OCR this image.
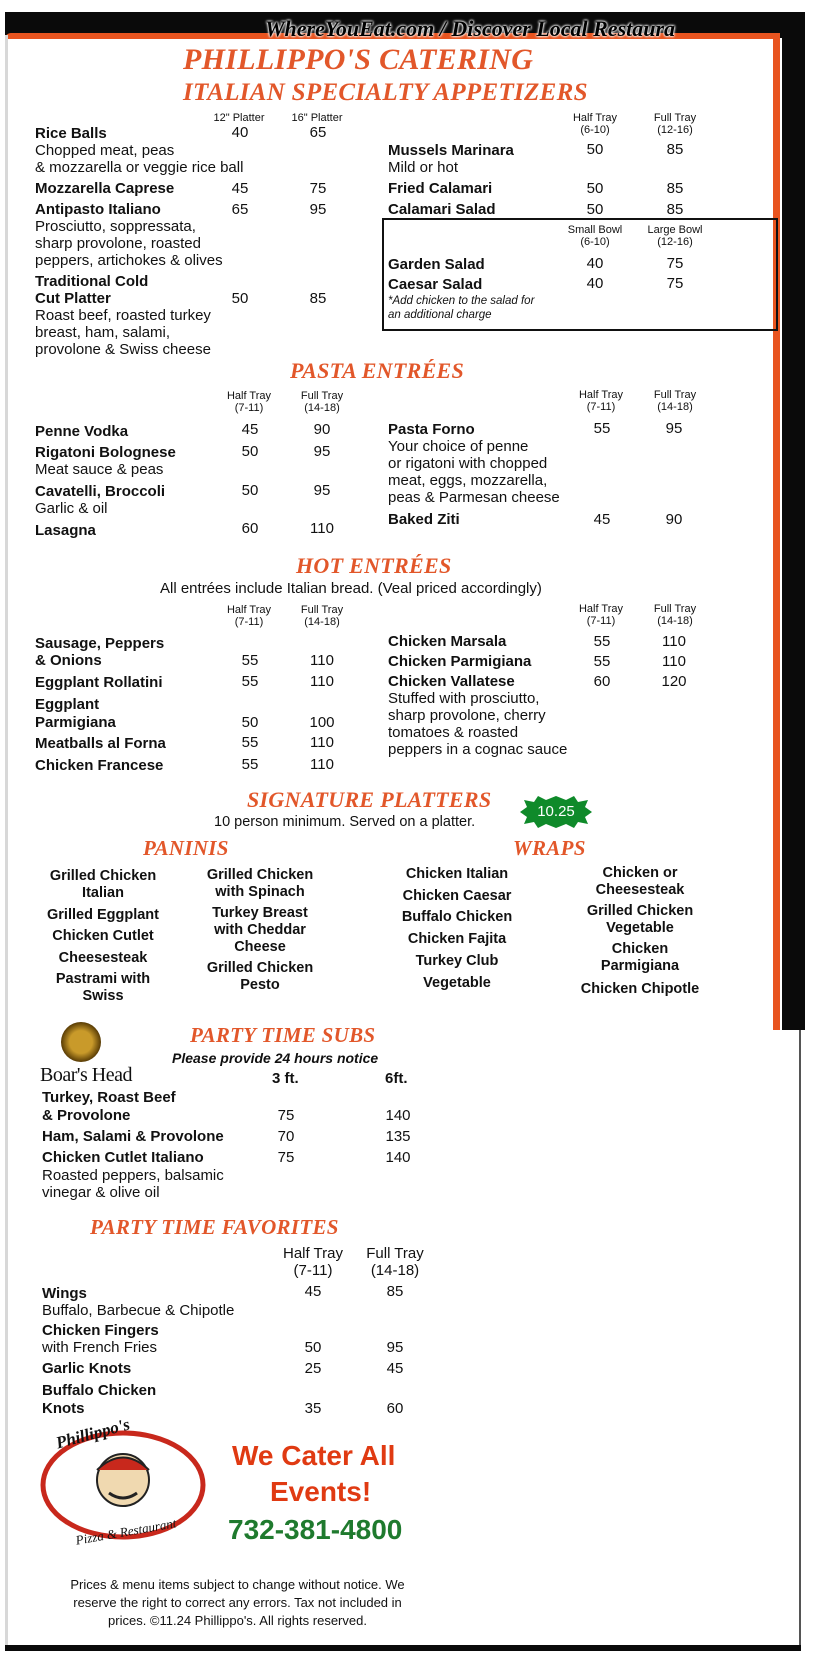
WhereYouEat.com / Discover Local Restaura
PHILLIPPO'S CATERING
ITALIAN SPECIALTY APPETIZERS
12" Platter	16" Platter
Rice Balls	40	65
Chopped meat, peas
& mozzarella or veggie rice ball
Mozzarella Caprese	45	75
Antipasto Italiano	65	95
Prosciutto, soppressata,
sharp provolone, roasted
peppers, artichokes & olives
Traditional Cold
Cut Platter	50	85
Roast beef, roasted turkey
breast, ham, salami,
provolone & Swiss cheese
Half Tray
(6-10)
Full Tray
(12-16)
Mussels Marinara	50	85
Mild or hot
Fried Calamari	50	85
Calamari Salad	50	85
Small Bowl
(6-10)
Large Bowl
(12-16)
Garden Salad	40	75
Caesar Salad	40	75
*Add chicken to the salad for
an additional charge
PASTA ENTRÉES
Half Tray
(7-11)
Full Tray
(14-18)
Half Tray
(7-11)
Full Tray
(14-18)
Penne Vodka	45	90
Rigatoni Bolognese	50	95
Meat sauce & peas
Cavatelli, Broccoli	50	95
Garlic & oil
Lasagna	60	110
Pasta Forno	55	95
Your choice of penne
or rigatoni with chopped
meat, eggs, mozzarella,
peas & Parmesan cheese
Baked Ziti	45	90
HOT ENTRÉES
All entrées include Italian bread. (Veal priced accordingly)
Half Tray
(7-11)
Full Tray
(14-18)
Half Tray
(7-11)
Full Tray
(14-18)
Sausage, Peppers
& Onions	55	110
Eggplant Rollatini	55	110
Eggplant
Parmigiana	50	100
Meatballs al Forna	55	110
Chicken Francese	55	110
Chicken Marsala	55	110
Chicken Parmigiana	55	110
Chicken Vallatese	60	120
Stuffed with prosciutto,
sharp provolone, cherry
tomatoes & roasted
peppers in a cognac sauce
SIGNATURE PLATTERS
10 person minimum. Served on a platter.
10.25
PANINIS	WRAPS
Grilled Chicken
Italian
Grilled Eggplant
Chicken Cutlet
Cheesesteak
Pastrami with
Swiss
Grilled Chicken
with Spinach
Turkey Breast
with Cheddar
Cheese
Grilled Chicken
Pesto
Chicken Italian
Chicken Caesar
Buffalo Chicken
Chicken Fajita
Turkey Club
Vegetable
Chicken or
Cheesesteak
Grilled Chicken
Vegetable
Chicken
Parmigiana
Chicken Chipotle
Boar's Head
PARTY TIME SUBS
Please provide 24 hours notice
3 ft.	6ft.
Turkey, Roast Beef
& Provolone	75	140
Ham, Salami & Provolone	70	135
Chicken Cutlet Italiano	75	140
Roasted peppers, balsamic
vinegar & olive oil
PARTY TIME FAVORITES
Half Tray
(7-11)
Full Tray
(14-18)
Wings	45	85
Buffalo, Barbecue & Chipotle
Chicken Fingers
with French Fries	50	95
Garlic Knots	25	45
Buffalo Chicken
Knots	35	60
Phillippo's
Pizza & Restaurant
We Cater All
Events!
732-381-4800
Prices & menu items subject to change without notice. We
reserve the right to correct any errors. Tax not included in
prices. ©11.24 Phillippo's. All rights reserved.
